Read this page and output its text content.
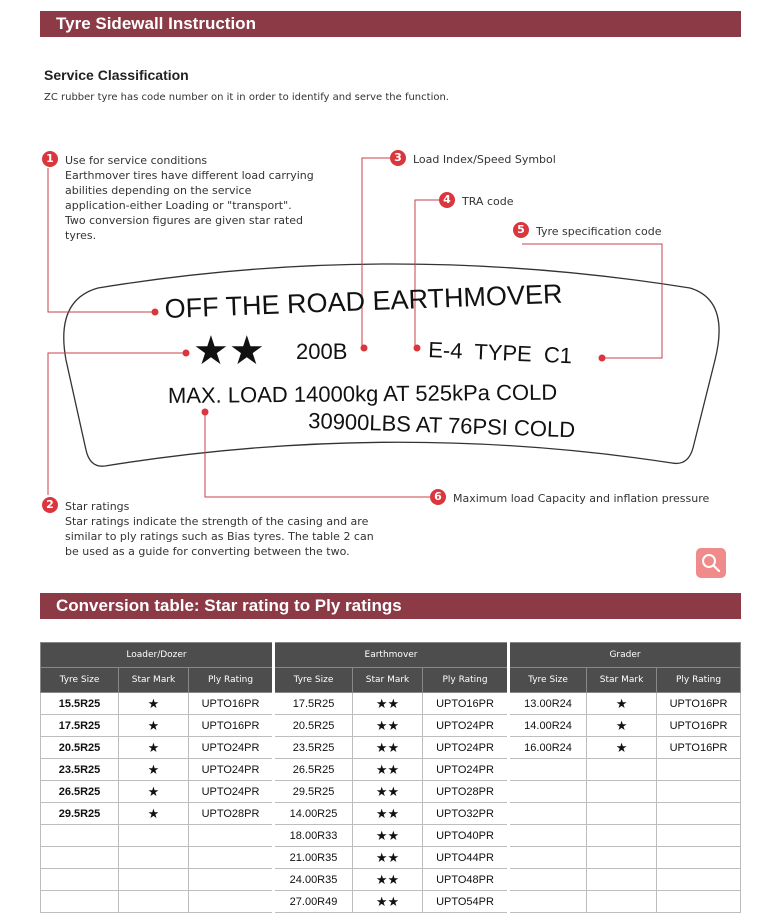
Tyre Sidewall Instruction
Service Classification
ZC rubber tyre has code number on it in order to identify and serve the function.
OFF THE ROAD EARTHMOVER
★★ 200B	E-4  TYPE  C1
MAX. LOAD 14000kg AT 525kPa COLD
30900LBS AT 76PSI COLD
1	Use for service conditions
Earthmover tires have different load carrying
abilities depending on the service
application-either Loading or "transport".
Two conversion figures are given star rated
tyres.
2	Star ratings
Star ratings indicate the strength of the casing and are
similar to ply ratings such as Bias tyres. The table 2 can
be used as a guide for converting between the two.
3	Load Index/Speed Symbol
4	TRA code
5	Tyre specification code
6	Maximum load Capacity and inflation pressure
Conversion table: Star rating to Ply ratings
Loader/Dozer			Earthmover			Grader		
Tyre Size	Star Mark	Ply Rating	Tyre Size	Star Mark	Ply Rating	Tyre Size	Star Mark	Ply Rating
15.5R25	★	UPTO16PR	17.5R25	★★	UPTO16PR	13.00R24	★	UPTO16PR
17.5R25	★	UPTO16PR	20.5R25	★★	UPTO24PR	14.00R24	★	UPTO16PR
20.5R25	★	UPTO24PR	23.5R25	★★	UPTO24PR	16.00R24	★	UPTO16PR
23.5R25	★	UPTO24PR	26.5R25	★★	UPTO24PR			
26.5R25	★	UPTO24PR	29.5R25	★★	UPTO28PR			
29.5R25	★	UPTO28PR	14.00R25	★★	UPTO32PR			
			18.00R33	★★	UPTO40PR			
			21.00R35	★★	UPTO44PR			
			24.00R35	★★	UPTO48PR			
			27.00R49	★★	UPTO54PR			
